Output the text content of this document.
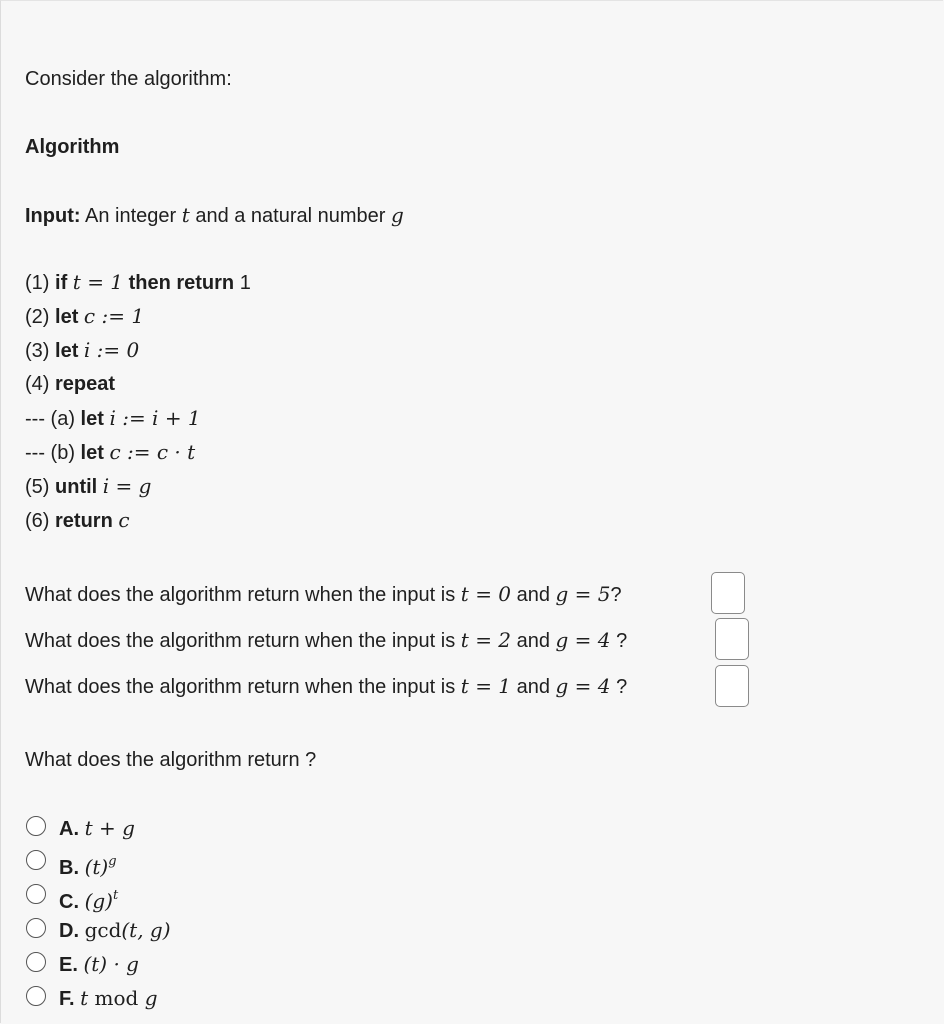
Consider the algorithm:
Algorithm
Input: An integer t and a natural number g
(1) if t = 1 then return 1
(2) let c := 1
(3) let i := 0
(4) repeat
--- (a) let i := i + 1
--- (b) let c := c · t
(5) until i = g
(6) return c
What does the algorithm return when the input is t = 0 and g = 5?
What does the algorithm return when the input is t = 2 and g = 4 ?
What does the algorithm return when the input is t = 1 and g = 4 ?
What does the algorithm return ?
A. t + g
B. $(t)^g$
C. $(g)^t$
D. gcd(t, g)
E. (t) · g
F. t mod g
